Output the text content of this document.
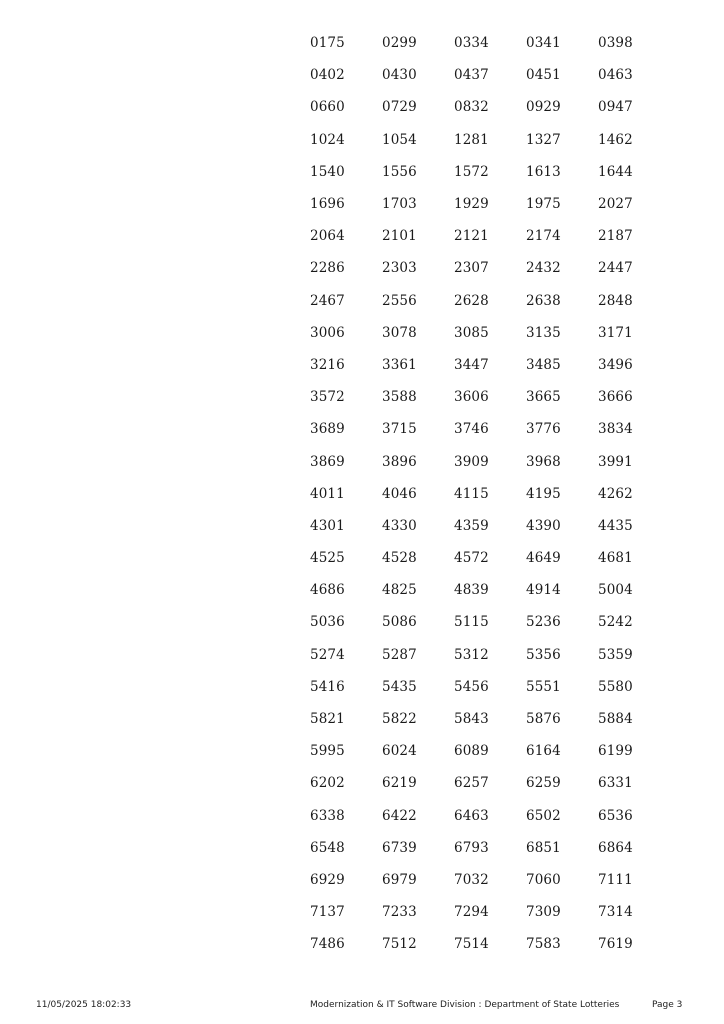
0175	0299	0334	0341	0398
0402	0430	0437	0451	0463
0660	0729	0832	0929	0947
1024	1054	1281	1327	1462
1540	1556	1572	1613	1644
1696	1703	1929	1975	2027
2064	2101	2121	2174	2187
2286	2303	2307	2432	2447
2467	2556	2628	2638	2848
3006	3078	3085	3135	3171
3216	3361	3447	3485	3496
3572	3588	3606	3665	3666
3689	3715	3746	3776	3834
3869	3896	3909	3968	3991
4011	4046	4115	4195	4262
4301	4330	4359	4390	4435
4525	4528	4572	4649	4681
4686	4825	4839	4914	5004
5036	5086	5115	5236	5242
5274	5287	5312	5356	5359
5416	5435	5456	5551	5580
5821	5822	5843	5876	5884
5995	6024	6089	6164	6199
6202	6219	6257	6259	6331
6338	6422	6463	6502	6536
6548	6739	6793	6851	6864
6929	6979	7032	7060	7111
7137	7233	7294	7309	7314
7486	7512	7514	7583	7619
11/05/2025 18:02:33	Modernization & IT Software Division : Department of State Lotteries	Page 3
